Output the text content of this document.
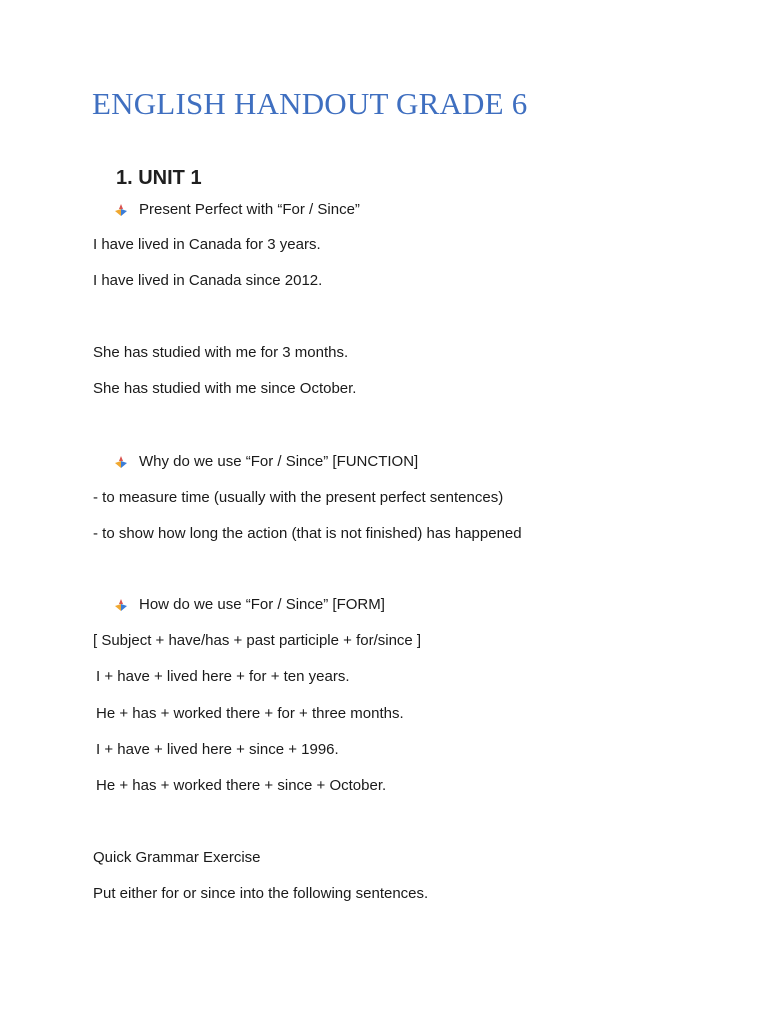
ENGLISH HANDOUT GRADE 6
1. UNIT 1
Present Perfect with “For / Since”

I have lived in Canada for 3 years.

I have lived in Canada since 2012.

She has studied with me for 3 months.

She has studied with me since October.

Why do we use “For / Since” [FUNCTION]

- to measure time (usually with the present perfect sentences)

- to show how long the action (that is not finished) has happened

How do we use “For / Since” [FORM]

[ Subject + have/has + past participle + for/since ]

I + have + lived here + for + ten years.

He + has + worked there + for + three months.

I + have + lived here + since + 1996.

He + has + worked there + since + October.

Quick Grammar Exercise

Put either for or since into the following sentences.
